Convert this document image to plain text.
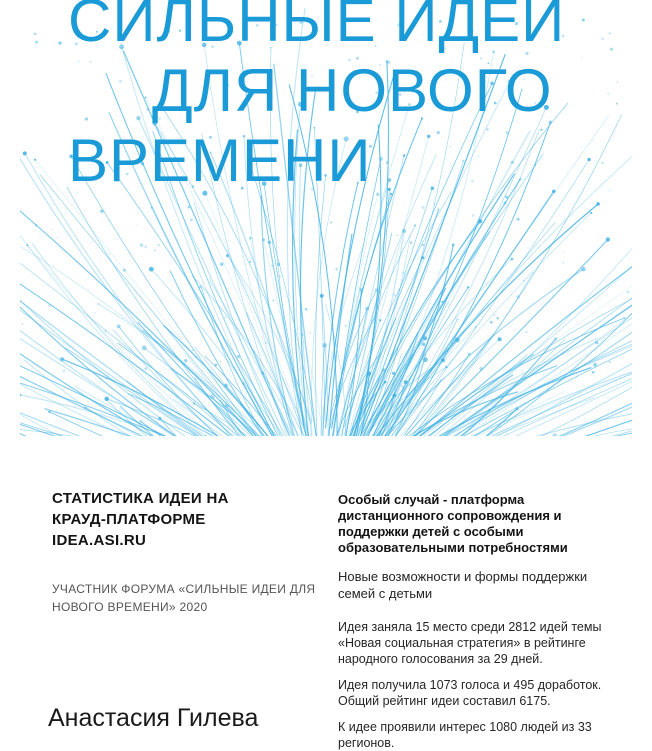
СИЛЬНЫЕ ИДЕИ
ДЛЯ НОВОГО
ВРЕМЕНИ
СТАТИСТИКА ИДЕИ НА
КРАУД-ПЛАТФОРМЕ
IDEA.ASI.RU

УЧАСТНИК ФОРУМА «СИЛЬНЫЕ ИДЕИ ДЛЯ
НОВОГО ВРЕМЕНИ» 2020

Анастасия Гилева

Особый случай - платформа
дистанционного сопровождения и
поддержки детей с особыми
образовательными потребностями

Новые возможности и формы поддержки
семей с детьми

Идея заняла 15 место среди 2812 идей темы
«Новая социальная стратегия» в рейтинге
народного голосования за 29 дней.

Идея получила 1073 голоса и 495 доработок.
Общий рейтинг идеи составил 6175.

К идее проявили интерес 1080 людей из 33
регионов.
